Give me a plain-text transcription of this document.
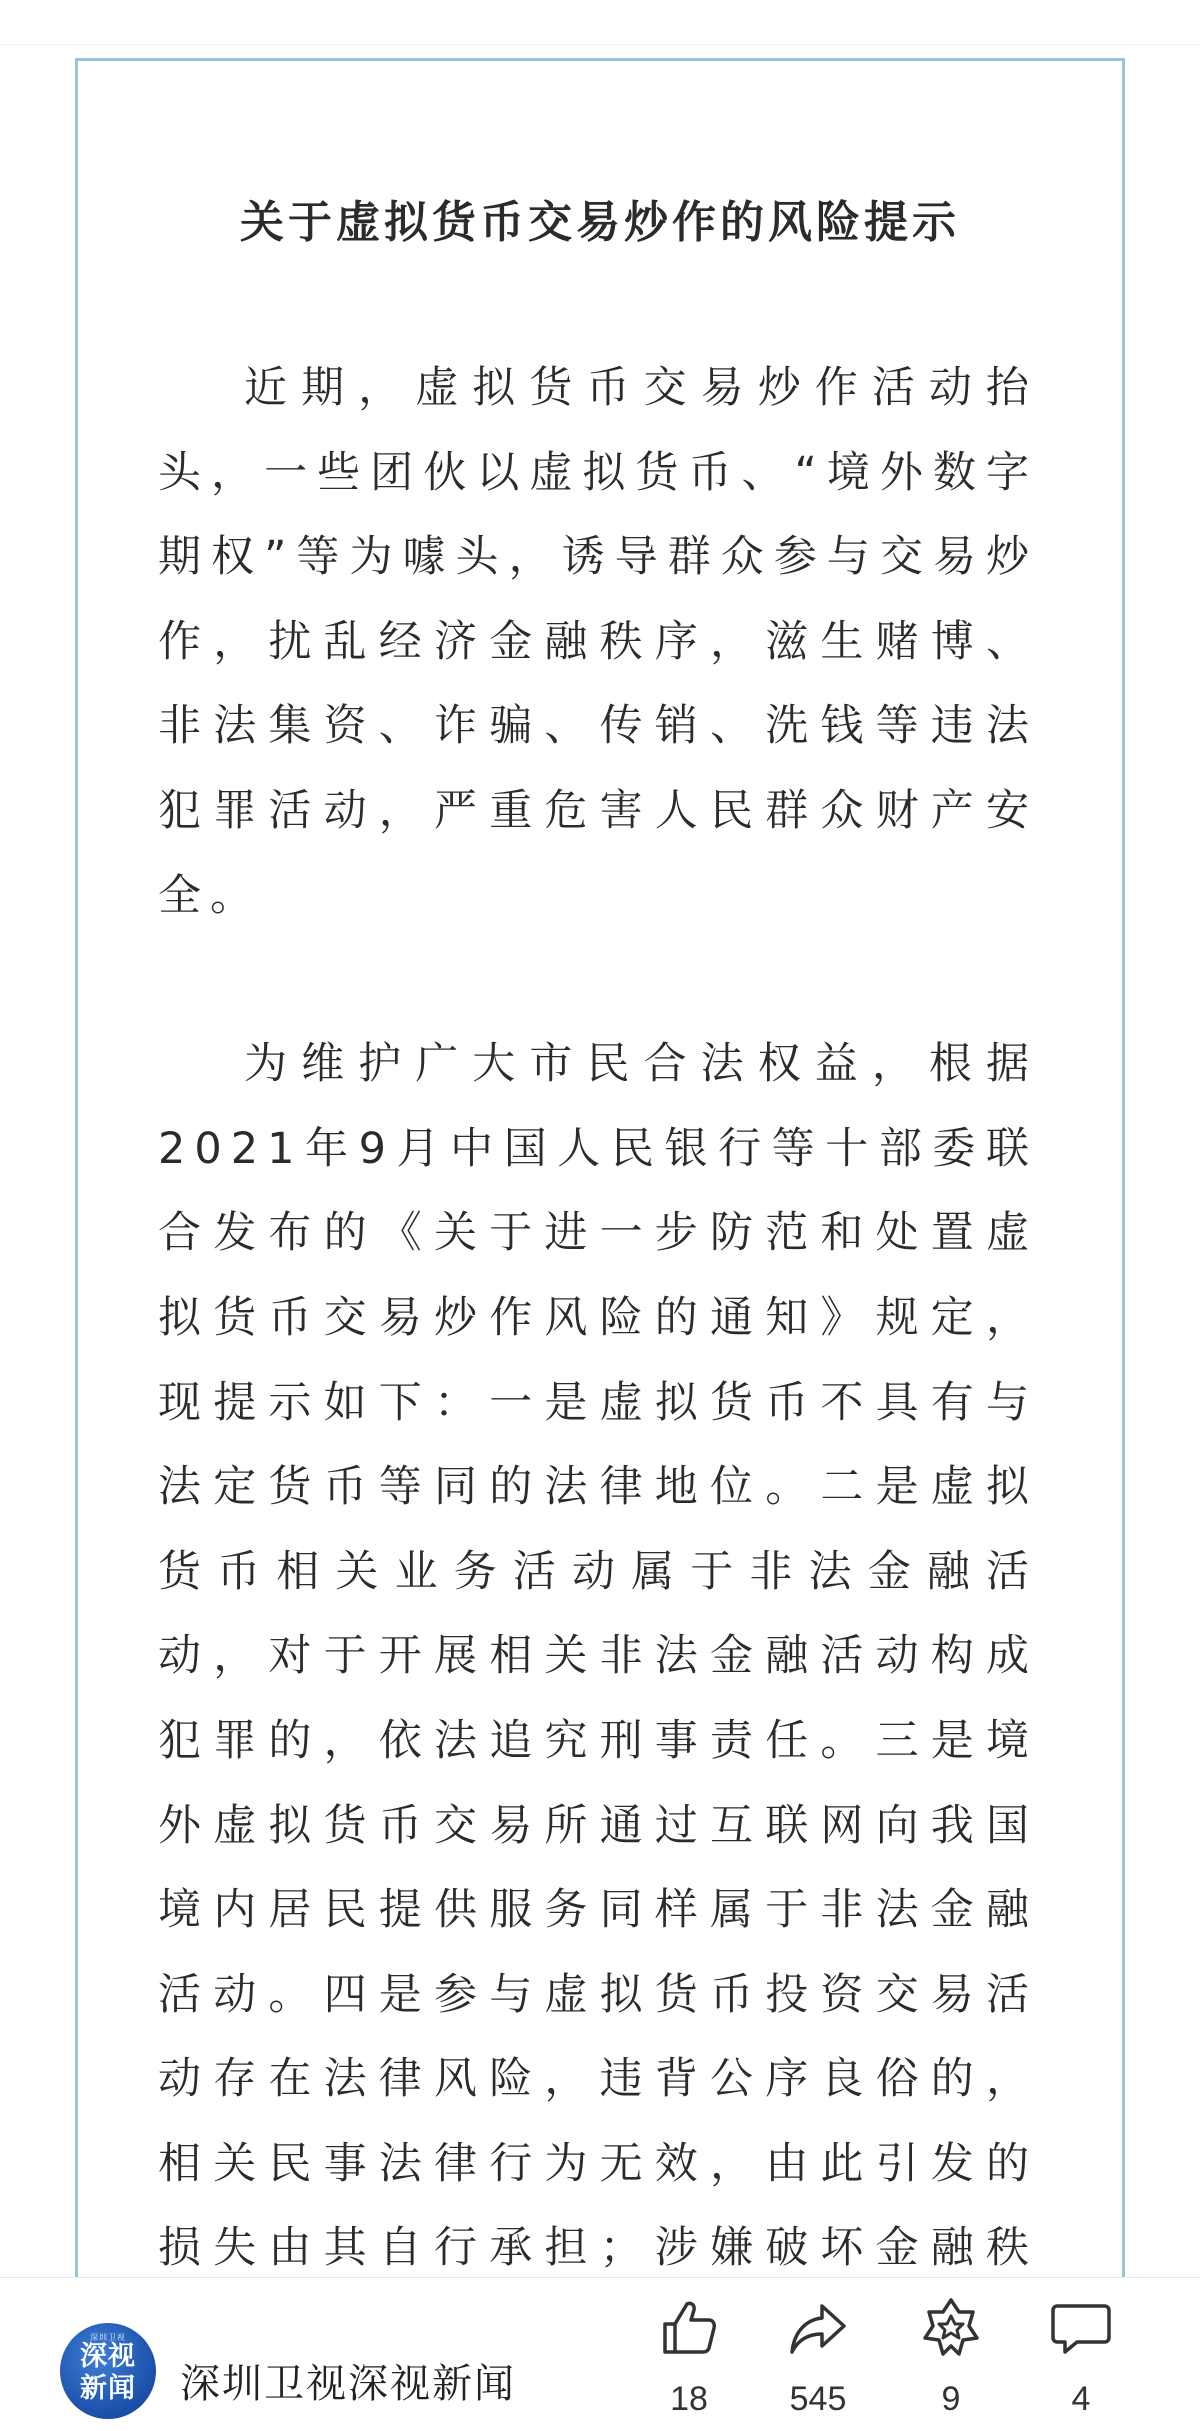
关于虚拟货币交易炒作的风险提示

近期，虚拟货币交易炒作活动抬头，一些团伙以虚拟货币、“境外数字期权”等为噱头，诱导群众参与交易炒作，扰乱经济金融秩序，滋生赌博、非法集资、诈骗、传销、洗钱等违法犯罪活动，严重危害人民群众财产安全。

为维护广大市民合法权益，根据2021年9月中国人民银行等十部委联合发布的《关于进一步防范和处置虚拟货币交易炒作风险的通知》规定，现提示如下：一是虚拟货币不具有与法定货币等同的法律地位。二是虚拟货币相关业务活动属于非法金融活动，对于开展相关非法金融活动构成犯罪的，依法追究刑事责任。三是境外虚拟货币交易所通过互联网向我国境内居民提供服务同样属于非法金融活动。四是参与虚拟货币投资交易活动存在法律风险，违背公序良俗的，相关民事法律行为无效，由此引发的损失由其自行承担；涉嫌破坏金融秩

深圳卫视
深视
新闻	深圳卫视深视新闻	18	545	9	4
